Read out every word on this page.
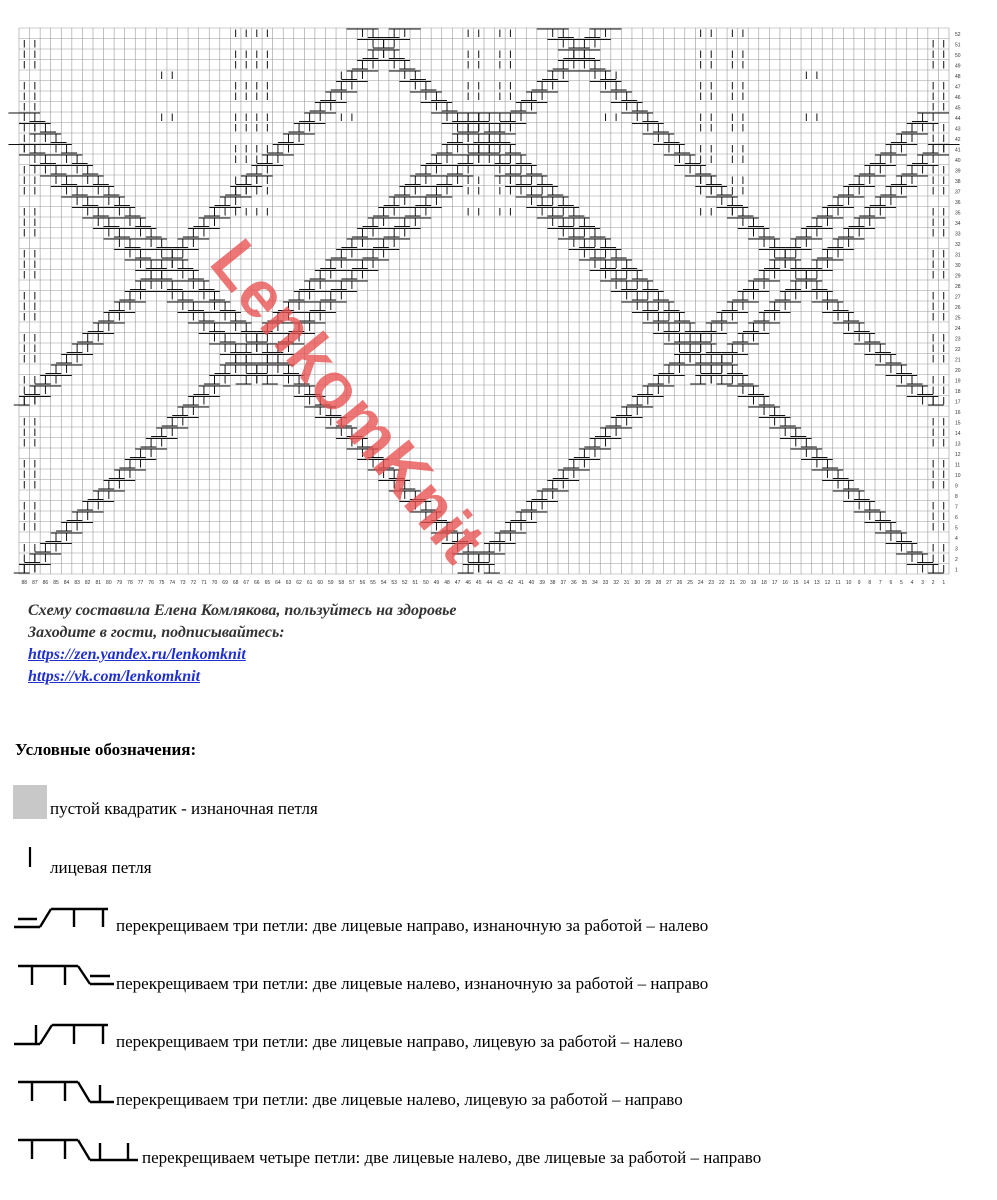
88 87 86 85 84 83 82 81 80 79 78 77 76 75 74 73 72 71 70 69 68 67 66 65 64 63 62 61 60 59 58 57 56 55 54 53 52 51 50 49 48 47 46 45 44 43 42 41 40 39 38 37 36 35 34 33 32 31 30 29 28 27 26 25 24 23 22 21 20 19 18 17 16 15 14 13 12 11 10 9 8 7 6 5 4 3 2 1
52
51
50
49
48
47
46
45
44
43
42
41
40
39
38
37
36
35
34
33
32
31
30
29
28
27
26
25
24
23
22
21
20
19
18
17
16
15
14
13
12
11
10
9
8
7
6
5
4
3
2
1
LenkomKnit
Схему составила Елена Комлякова, пользуйтесь на здоровье
Заходите в гости, подписывайтесь:
https://zen.yandex.ru/lenkomknit
https://vk.com/lenkomknit
Условные обозначения:
пустой квадратик - изнаночная петля
лицевая петля
перекрещиваем три петли: две лицевые направо, изнаночную за работой – налево
перекрещиваем три петли: две лицевые налево, изнаночную за работой – направо
перекрещиваем три петли: две лицевые направо, лицевую за работой – налево
перекрещиваем три петли: две лицевые налево, лицевую за работой – направо
перекрещиваем четыре петли: две лицевые налево, две лицевые за работой – направо
